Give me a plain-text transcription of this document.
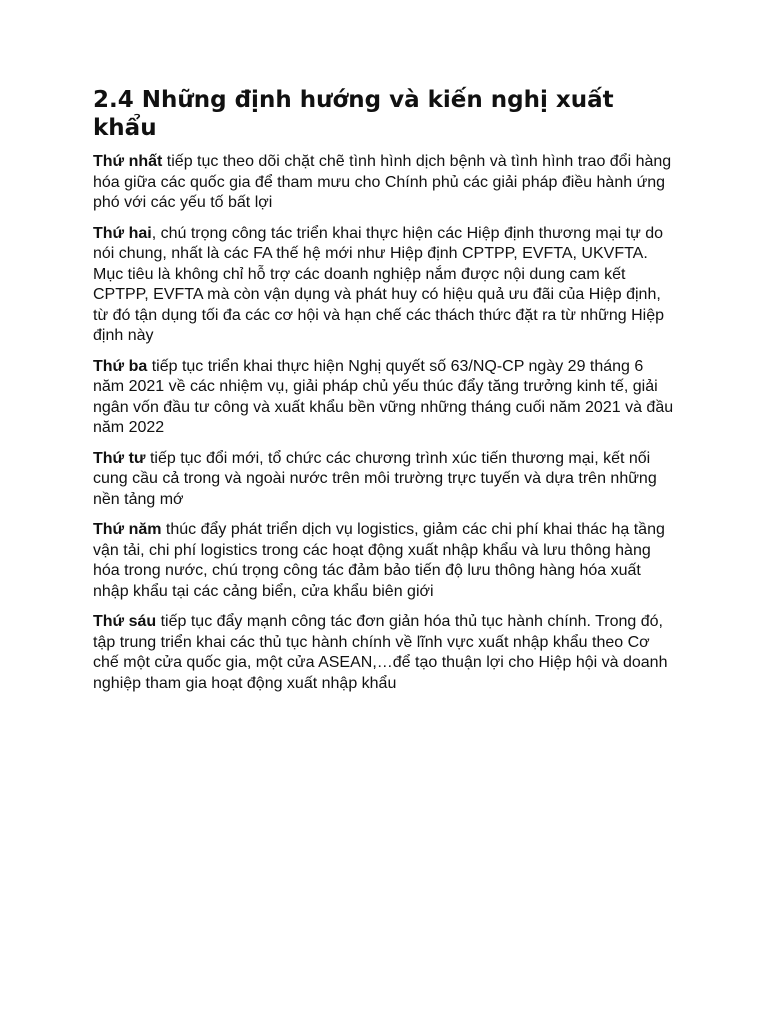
2.4 Những định hướng và kiến nghị xuất khẩu

Thứ nhất tiếp tục theo dõi chặt chẽ tình hình dịch bệnh và tình hình trao đổi hàng hóa giữa các quốc gia để tham mưu cho Chính phủ các giải pháp điều hành ứng phó với các yếu tố bất lợi

Thứ hai, chú trọng công tác triển khai thực hiện các Hiệp định thương mại tự do nói chung, nhất là các FA thế hệ mới như Hiệp định CPTPP, EVFTA, UKVFTA. Mục tiêu là không chỉ hỗ trợ các doanh nghiệp nắm được nội dung cam kết CPTPP, EVFTA mà còn vận dụng và phát huy có hiệu quả ưu đãi của Hiệp định, từ đó tận dụng tối đa các cơ hội và hạn chế các thách thức đặt ra từ những Hiệp định này

Thứ ba tiếp tục triển khai thực hiện Nghị quyết số 63/NQ-CP ngày 29 tháng 6 năm 2021 về các nhiệm vụ, giải pháp chủ yếu thúc đẩy tăng trưởng kinh tế, giải ngân vốn đầu tư công và xuất khẩu bền vững những tháng cuối năm 2021 và đầu năm 2022

Thứ tư tiếp tục đổi mới, tổ chức các chương trình xúc tiến thương mại, kết nối cung cầu cả trong và ngoài nước trên môi trường trực tuyến và dựa trên những nền tảng mớ

Thứ năm thúc đẩy phát triển dịch vụ logistics, giảm các chi phí khai thác hạ tầng vận tải, chi phí logistics trong các hoạt động xuất nhập khẩu và lưu thông hàng hóa trong nước, chú trọng công tác đảm bảo tiến độ lưu thông hàng hóa xuất nhập khẩu tại các cảng biển, cửa khẩu biên giới

Thứ sáu tiếp tục đẩy mạnh công tác đơn giản hóa thủ tục hành chính. Trong đó, tập trung triển khai các thủ tục hành chính về lĩnh vực xuất nhập khẩu theo Cơ chế một cửa quốc gia, một cửa ASEAN,…để tạo thuận lợi cho Hiệp hội và doanh nghiệp tham gia hoạt động xuất nhập khẩu
